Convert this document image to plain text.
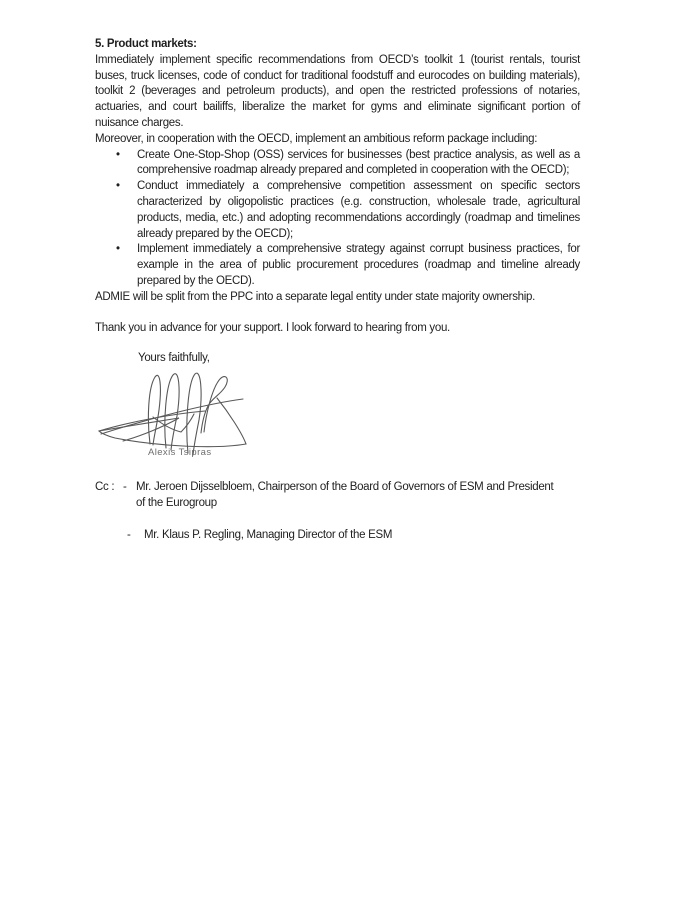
5. Product markets:

Immediately implement specific recommendations from OECD’s toolkit 1 (tourist rentals, tourist buses, truck licenses, code of conduct for traditional foodstuff and eurocodes on building materials), toolkit 2 (beverages and petroleum products), and open the restricted professions of notaries, actuaries, and court bailiffs, liberalize the market for gyms and eliminate significant portion of nuisance charges.

Moreover, in cooperation with the OECD, implement an ambitious reform package including:

•	Create One-Stop-Shop (OSS) services for businesses (best practice analysis, as well as a comprehensive roadmap already prepared and completed in cooperation with the OECD);
•	Conduct immediately a comprehensive competition assessment on specific sectors characterized by oligopolistic practices (e.g. construction, wholesale trade, agricultural products, media, etc.) and adopting recommendations accordingly (roadmap and timelines already prepared by the OECD);
•	Implement immediately a comprehensive strategy against corrupt business practices, for example in the area of public procurement procedures (roadmap and timeline already prepared by the OECD).

ADMIE will be split from the PPC into a separate legal entity under state majority ownership.

Thank you in advance for your support. I look forward to hearing from you.

Yours faithfully,

Alexis Tsipras
Cc : - Mr. Jeroen Dijsselbloem, Chairperson of the Board of Governors of ESM and President of the Eurogroup
-	Mr. Klaus P. Regling, Managing Director of the ESM
